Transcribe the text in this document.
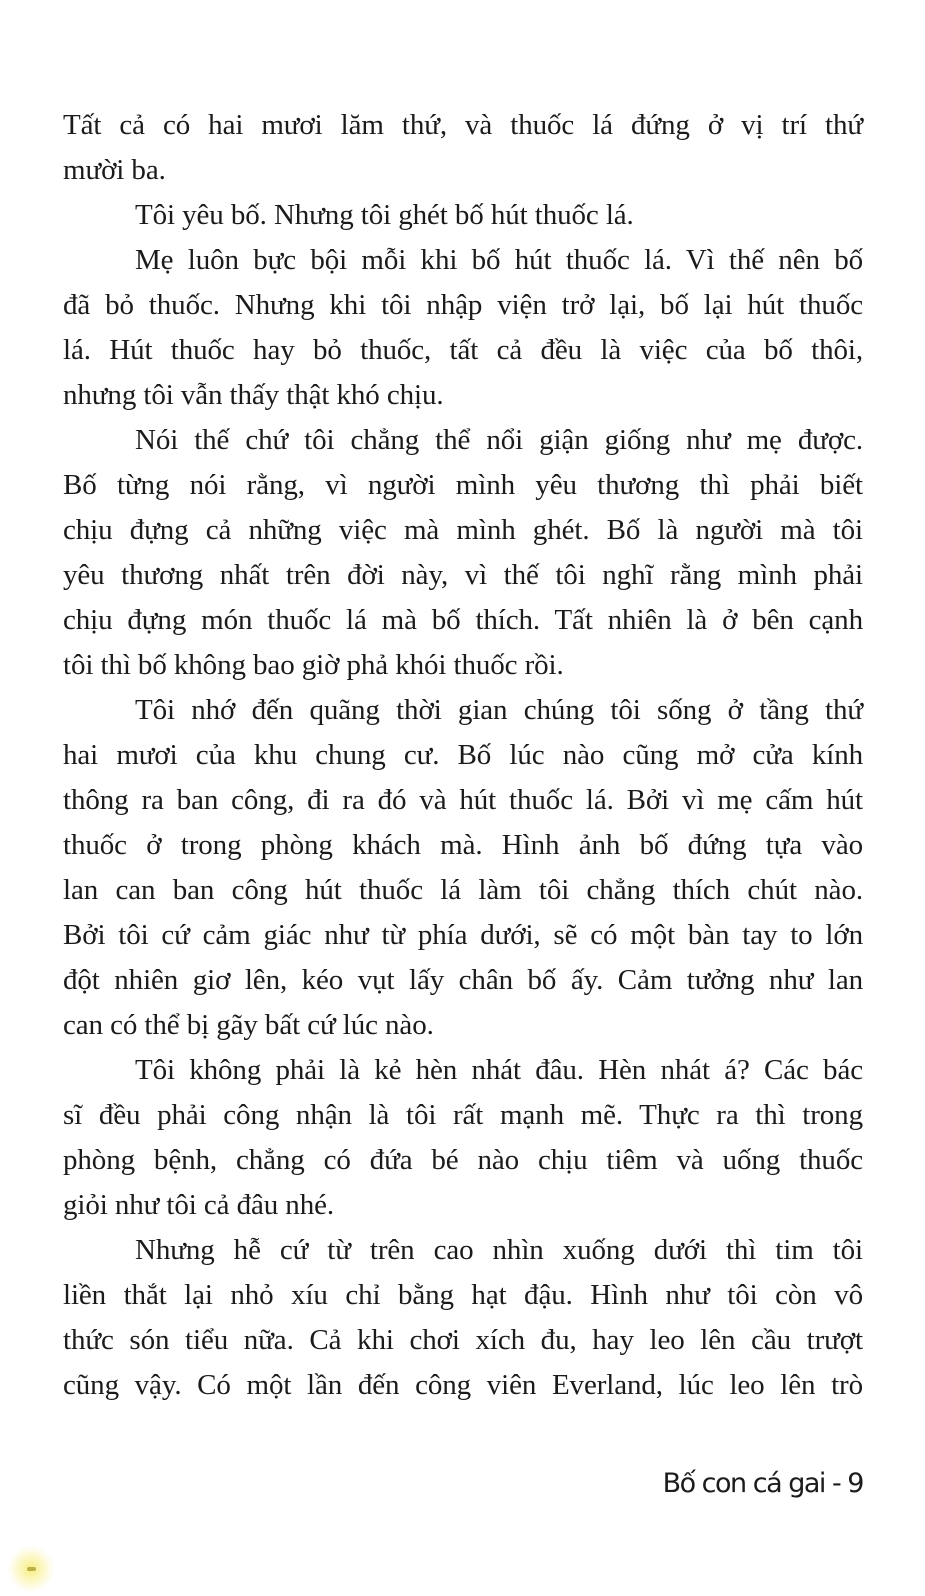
Tất cả có hai mươi lăm thứ, và thuốc lá đứng ở vị trí thứ
mười ba.
Tôi yêu bố. Nhưng tôi ghét bố hút thuốc lá.
Mẹ luôn bực bội mỗi khi bố hút thuốc lá. Vì thế nên bố
đã bỏ thuốc. Nhưng khi tôi nhập viện trở lại, bố lại hút thuốc
lá. Hút thuốc hay bỏ thuốc, tất cả đều là việc của bố thôi,
nhưng tôi vẫn thấy thật khó chịu.
Nói thế chứ tôi chẳng thể nổi giận giống như mẹ được.
Bố từng nói rằng, vì người mình yêu thương thì phải biết
chịu đựng cả những việc mà mình ghét. Bố là người mà tôi
yêu thương nhất trên đời này, vì thế tôi nghĩ rằng mình phải
chịu đựng món thuốc lá mà bố thích. Tất nhiên là ở bên cạnh
tôi thì bố không bao giờ phả khói thuốc rồi.
Tôi nhớ đến quãng thời gian chúng tôi sống ở tầng thứ
hai mươi của khu chung cư. Bố lúc nào cũng mở cửa kính
thông ra ban công, đi ra đó và hút thuốc lá. Bởi vì mẹ cấm hút
thuốc ở trong phòng khách mà. Hình ảnh bố đứng tựa vào
lan can ban công hút thuốc lá làm tôi chẳng thích chút nào.
Bởi tôi cứ cảm giác như từ phía dưới, sẽ có một bàn tay to lớn
đột nhiên giơ lên, kéo vụt lấy chân bố ấy. Cảm tưởng như lan
can có thể bị gãy bất cứ lúc nào.
Tôi không phải là kẻ hèn nhát đâu. Hèn nhát á? Các bác
sĩ đều phải công nhận là tôi rất mạnh mẽ. Thực ra thì trong
phòng bệnh, chẳng có đứa bé nào chịu tiêm và uống thuốc
giỏi như tôi cả đâu nhé.
Nhưng hễ cứ từ trên cao nhìn xuống dưới thì tim tôi
liền thắt lại nhỏ xíu chỉ bằng hạt đậu. Hình như tôi còn vô
thức són tiểu nữa. Cả khi chơi xích đu, hay leo lên cầu trượt
cũng vậy. Có một lần đến công viên Everland, lúc leo lên trò
Bố con cá gai - 9
